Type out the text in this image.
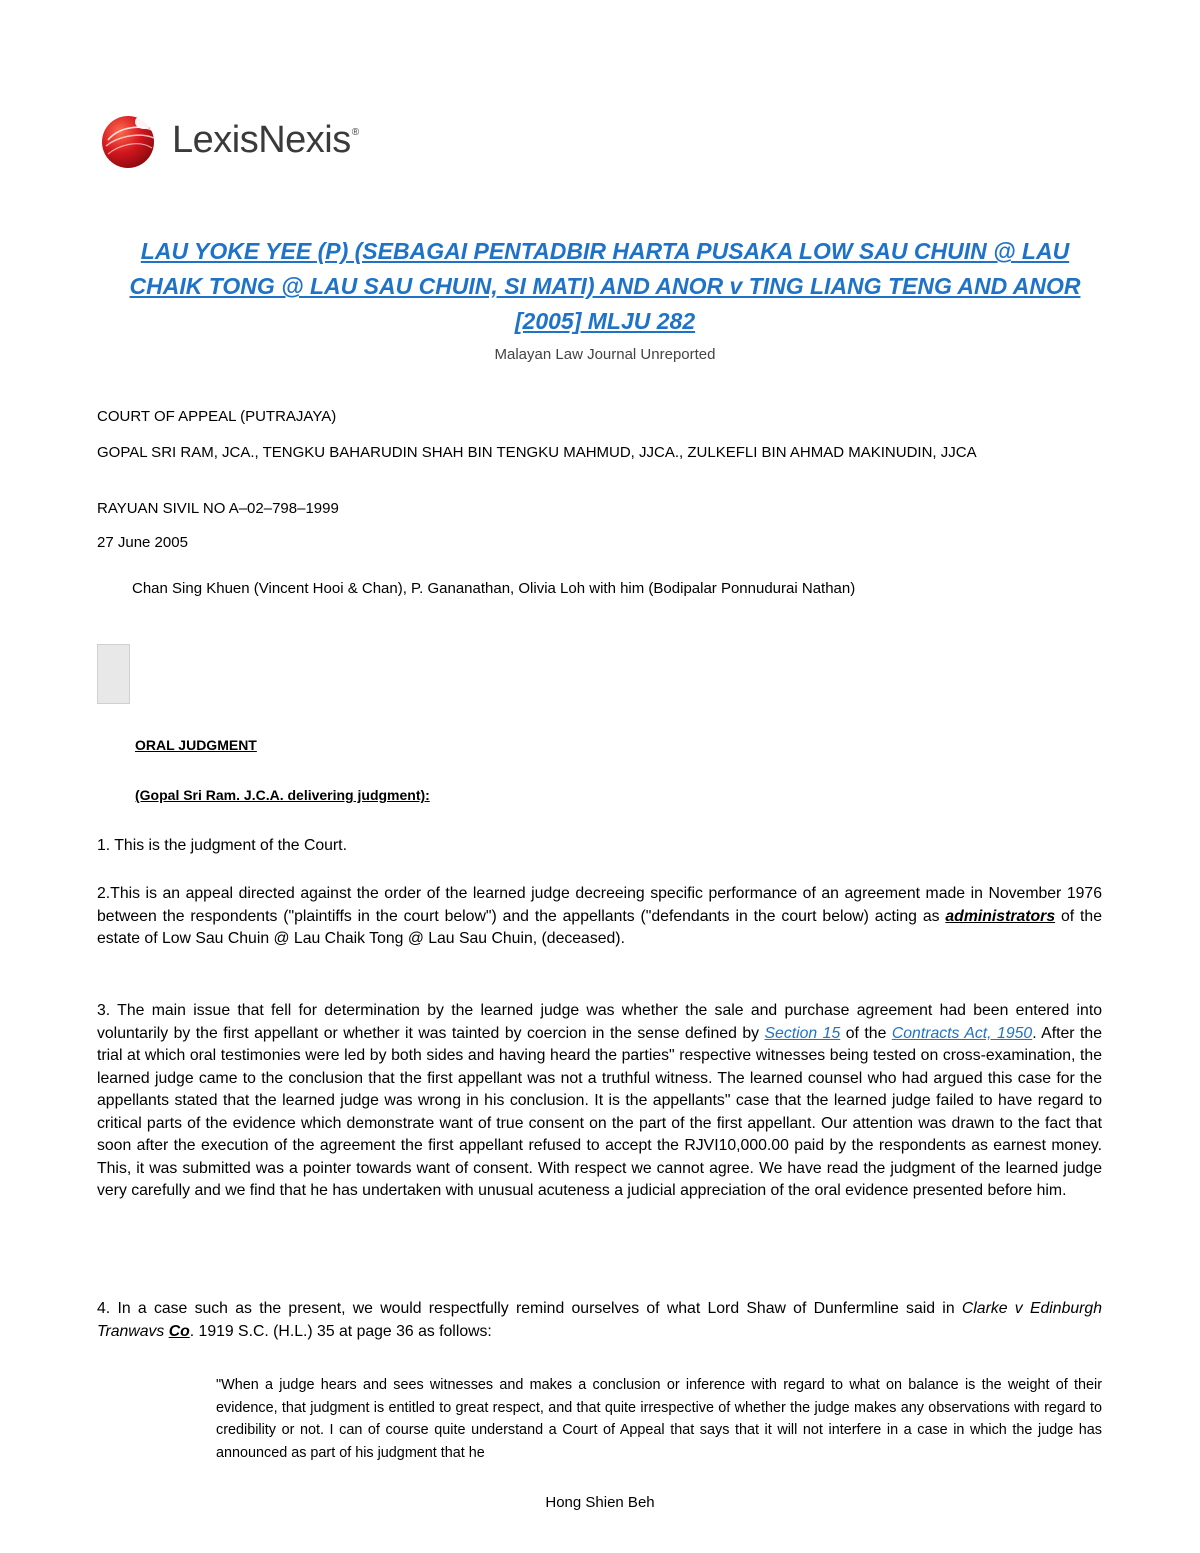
LexisNexis®
LAU YOKE YEE (P) (SEBAGAI PENTADBIR HARTA PUSAKA LOW SAU CHUIN @ LAU CHAIK TONG @ LAU SAU CHUIN, SI MATI) AND ANOR v TING LIANG TENG AND ANOR [2005] MLJU 282
Malayan Law Journal Unreported
COURT OF APPEAL (PUTRAJAYA)
GOPAL SRI RAM, JCA., TENGKU BAHARUDIN SHAH BIN TENGKU MAHMUD, JJCA., ZULKEFLI BIN AHMAD MAKINUDIN, JJCA
RAYUAN SIVIL NO A–02–798–1999
27 June 2005
Chan Sing Khuen (Vincent Hooi & Chan), P. Gananathan, Olivia Loh with him (Bodipalar Ponnudurai Nathan)
ORAL JUDGMENT
(Gopal Sri Ram. J.C.A. delivering judgment):

1. This is the judgment of the Court.

2.This is an appeal directed against the order of the learned judge decreeing specific performance of an agreement made in November 1976 between the respondents ("plaintiffs in the court below") and the appellants ("defendants in the court below) acting as administrators of the estate of Low Sau Chuin @ Lau Chaik Tong @ Lau Sau Chuin, (deceased).

3. The main issue that fell for determination by the learned judge was whether the sale and purchase agreement had been entered into voluntarily by the first appellant or whether it was tainted by coercion in the sense defined by Section 15 of the Contracts Act, 1950. After the trial at which oral testimonies were led by both sides and having heard the parties" respective witnesses being tested on cross-examination, the learned judge came to the conclusion that the first appellant was not a truthful witness. The learned counsel who had argued this case for the appellants stated that the learned judge was wrong in his conclusion. It is the appellants" case that the learned judge failed to have regard to critical parts of the evidence which demonstrate want of true consent on the part of the first appellant. Our attention was drawn to the fact that soon after the execution of the agreement the first appellant refused to accept the RJVI10,000.00 paid by the respondents as earnest money. This, it was submitted was a pointer towards want of consent. With respect we cannot agree. We have read the judgment of the learned judge very carefully and we find that he has undertaken with unusual acuteness a judicial appreciation of the oral evidence presented before him.

4. In a case such as the present, we would respectfully remind ourselves of what Lord Shaw of Dunfermline said in Clarke v Edinburgh Tranwavs Co. 1919 S.C. (H.L.) 35 at page 36 as follows:

"When a judge hears and sees witnesses and makes a conclusion or inference with regard to what on balance is the weight of their evidence, that judgment is entitled to great respect, and that quite irrespective of whether the judge makes any observations with regard to credibility or not. I can of course quite understand a Court of Appeal that says that it will not interfere in a case in which the judge has announced as part of his judgment that he

Hong Shien Beh
